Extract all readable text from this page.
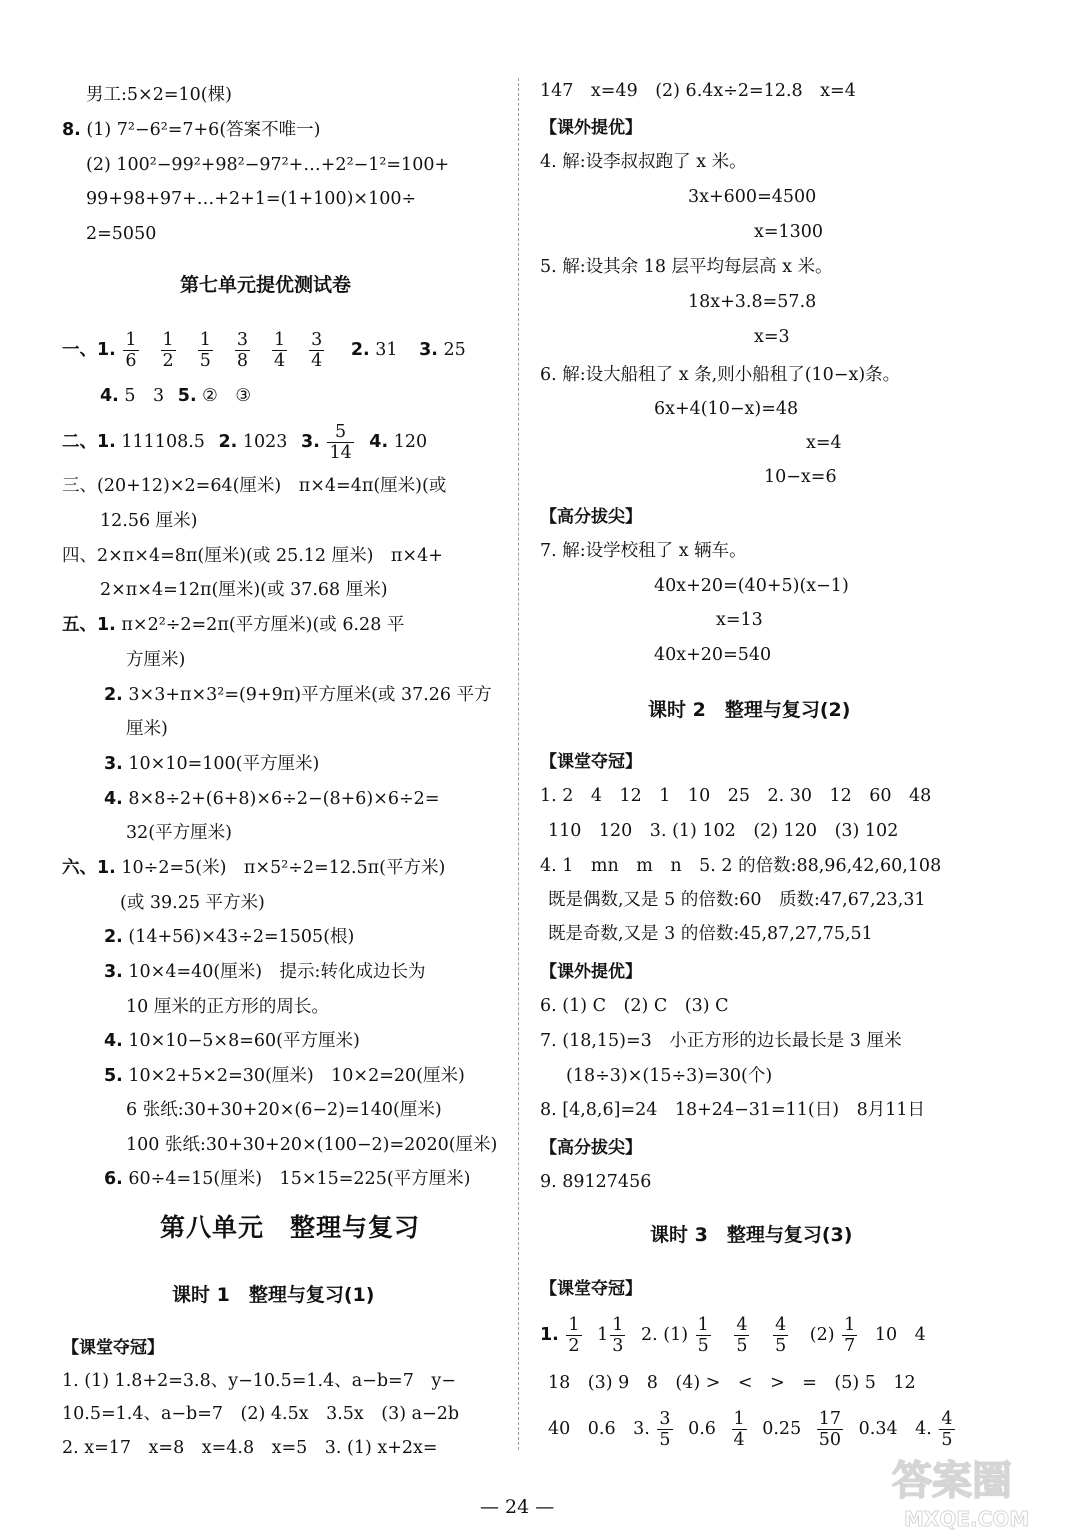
男工:5×2=10(棵)
8. (1) 7²−6²=7+6(答案不唯一)
(2) 100²−99²+98²−97²+…+2²−1²=100+
99+98+97+…+2+1=(1+100)×100÷
2=5050
第七单元提优测试卷
一、1. $\frac{1}{6} \frac{1}{2} \frac{1}{5} \frac{3}{8} \frac{1}{4} \frac{3}{4} 2$. 31 3. 25
4. 5　3 5. ②　③
二、1. 111108.5 2. 1023 3. $\frac{5}{14} 4$. 120
三、(20+12)×2=64(厘米)　π×4=4π(厘米)(或
12.56 厘米)
四、2×π×4=8π(厘米)(或 25.12 厘米)　π×4+
2×π×4=12π(厘米)(或 37.68 厘米)
五、1. π×2²÷2=2π(平方厘米)(或 6.28 平
方厘米)
2. 3×3+π×3²=(9+9π)平方厘米(或 37.26 平方
厘米)
3. 10×10=100(平方厘米)
4. 8×8÷2+(6+8)×6÷2−(8+6)×6÷2=
32(平方厘米)
六、1. 10÷2=5(米)　π×5²÷2=12.5π(平方米)
(或 39.25 平方米)
2. (14+56)×43÷2=1505(根)
3. 10×4=40(厘米)　提示:转化成边长为
10 厘米的正方形的周长。
4. 10×10−5×8=60(平方厘米)
5. 10×2+5×2=30(厘米)　10×2=20(厘米)
6 张纸:30+30+20×(6−2)=140(厘米)
100 张纸:30+30+20×(100−2)=2020(厘米)
6. 60÷4=15(厘米)　15×15=225(平方厘米)
第八单元　整理与复习
课时 1　整理与复习(1)
【课堂夺冠】
1. (1) 1.8+2=3.8、y−10.5=1.4、a−b=7　y−
10.5=1.4、a−b=7　(2) 4.5x　3.5x　(3) a−2b
2. x=17　x=8　x=4.8　x=5　3. (1) x+2x=
147　x=49　(2) 6.4x÷2=12.8　x=4
【课外提优】
4. 解:设李叔叔跑了 x 米。
3x+600=4500
x=1300
5. 解:设其余 18 层平均每层高 x 米。
18x+3.8=57.8
x=3
6. 解:设大船租了 x 条,则小船租了(10−x)条。
6x+4(10−x)=48
x=4
10−x=6
【高分拔尖】
7. 解:设学校租了 x 辆车。
40x+20=(40+5)(x−1)
x=13
40x+20=540
课时 2　整理与复习(2)
【课堂夺冠】
1. 2　4　12　1　10　25　2. 30　12　60　48
110　120　3. (1) 102　(2) 120　(3) 102
4. 1　mn　m　n　5. 2 的倍数:88,96,42,60,108
既是偶数,又是 5 的倍数:60　质数:47,67,23,31
既是奇数,又是 3 的倍数:45,87,27,75,51
【课外提优】
6. (1) C　(2) C　(3) C
7. (18,15)=3　小正方形的边长最长是 3 厘米
(18÷3)×(15÷3)=30(个)
8. [4,8,6]=24　18+24−31=11(日)　8月11日
【高分拔尖】
9. 89127456
课时 3　整理与复习(3)
【课堂夺冠】
1. $\frac{1}{2} 1 \frac{1}{3} 2$. $(1) \frac{1}{5}$
$\frac{4}{5}$
$\frac{4}{5} (2) \frac{1}{7} 10$　4
18　(3) 9　8　(4) >　<　>　=　(5) 5　12
40　0.6　3. $\frac{3}{5} 0.6 \frac{1}{4} 0.25 \frac{17}{50} 0.34$　4. $\frac{4}{5}$
— 24 —
答案圈
MXQE.COM
